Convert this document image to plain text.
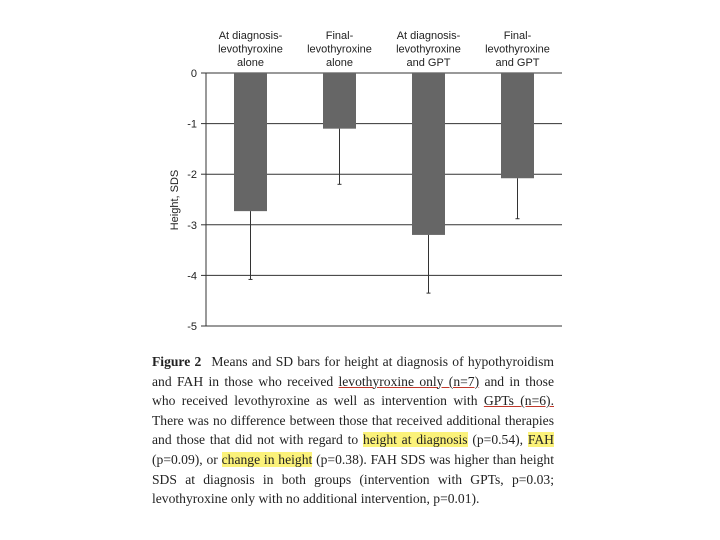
0
-1
-2
-3
-4
-5
At diagnosis-
levothyroxine
alone
Final-
levothyroxine
alone
At diagnosis-
levothyroxine
and GPT
Final-
levothyroxine
and GPT
Height, SDS

Figure 2 Means and SD bars for height at diagnosis of hypothyroidism and FAH in those who received levothyroxine only (n=7) and in those who received levothyroxine as well as intervention with GPTs (n=6). There was no difference between those that received additional therapies and those that did not with regard to height at diagnosis (p=0.54), FAH (p=0.09), or change in height (p=0.38). FAH SDS was higher than height SDS at diagnosis in both groups (intervention with GPTs, p=0.03; levothyroxine only with no additional intervention, p=0.01).
